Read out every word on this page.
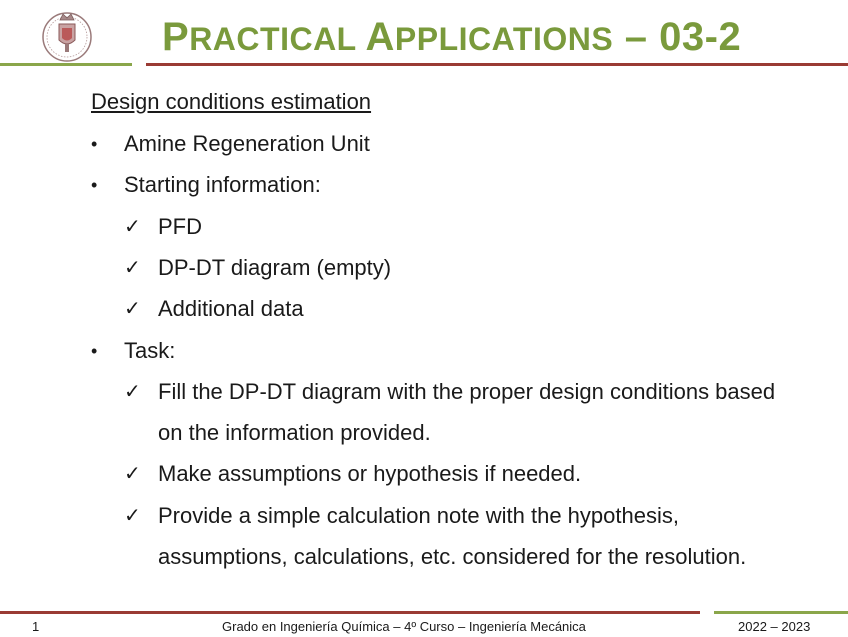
PRACTICAL APPLICATIONS – 03-2
Design conditions estimation
• Amine Regeneration Unit
• Starting information:
✓ PFD
✓ DP-DT diagram (empty)
✓ Additional data
• Task:
✓ Fill the DP-DT diagram with the proper design conditions based
on the information provided.
✓ Make assumptions or hypothesis if needed.
✓ Provide a simple calculation note with the hypothesis,
assumptions, calculations, etc. considered for the resolution.
1	Grado en Ingeniería Química – 4º Curso – Ingeniería Mecánica	2022 – 2023
